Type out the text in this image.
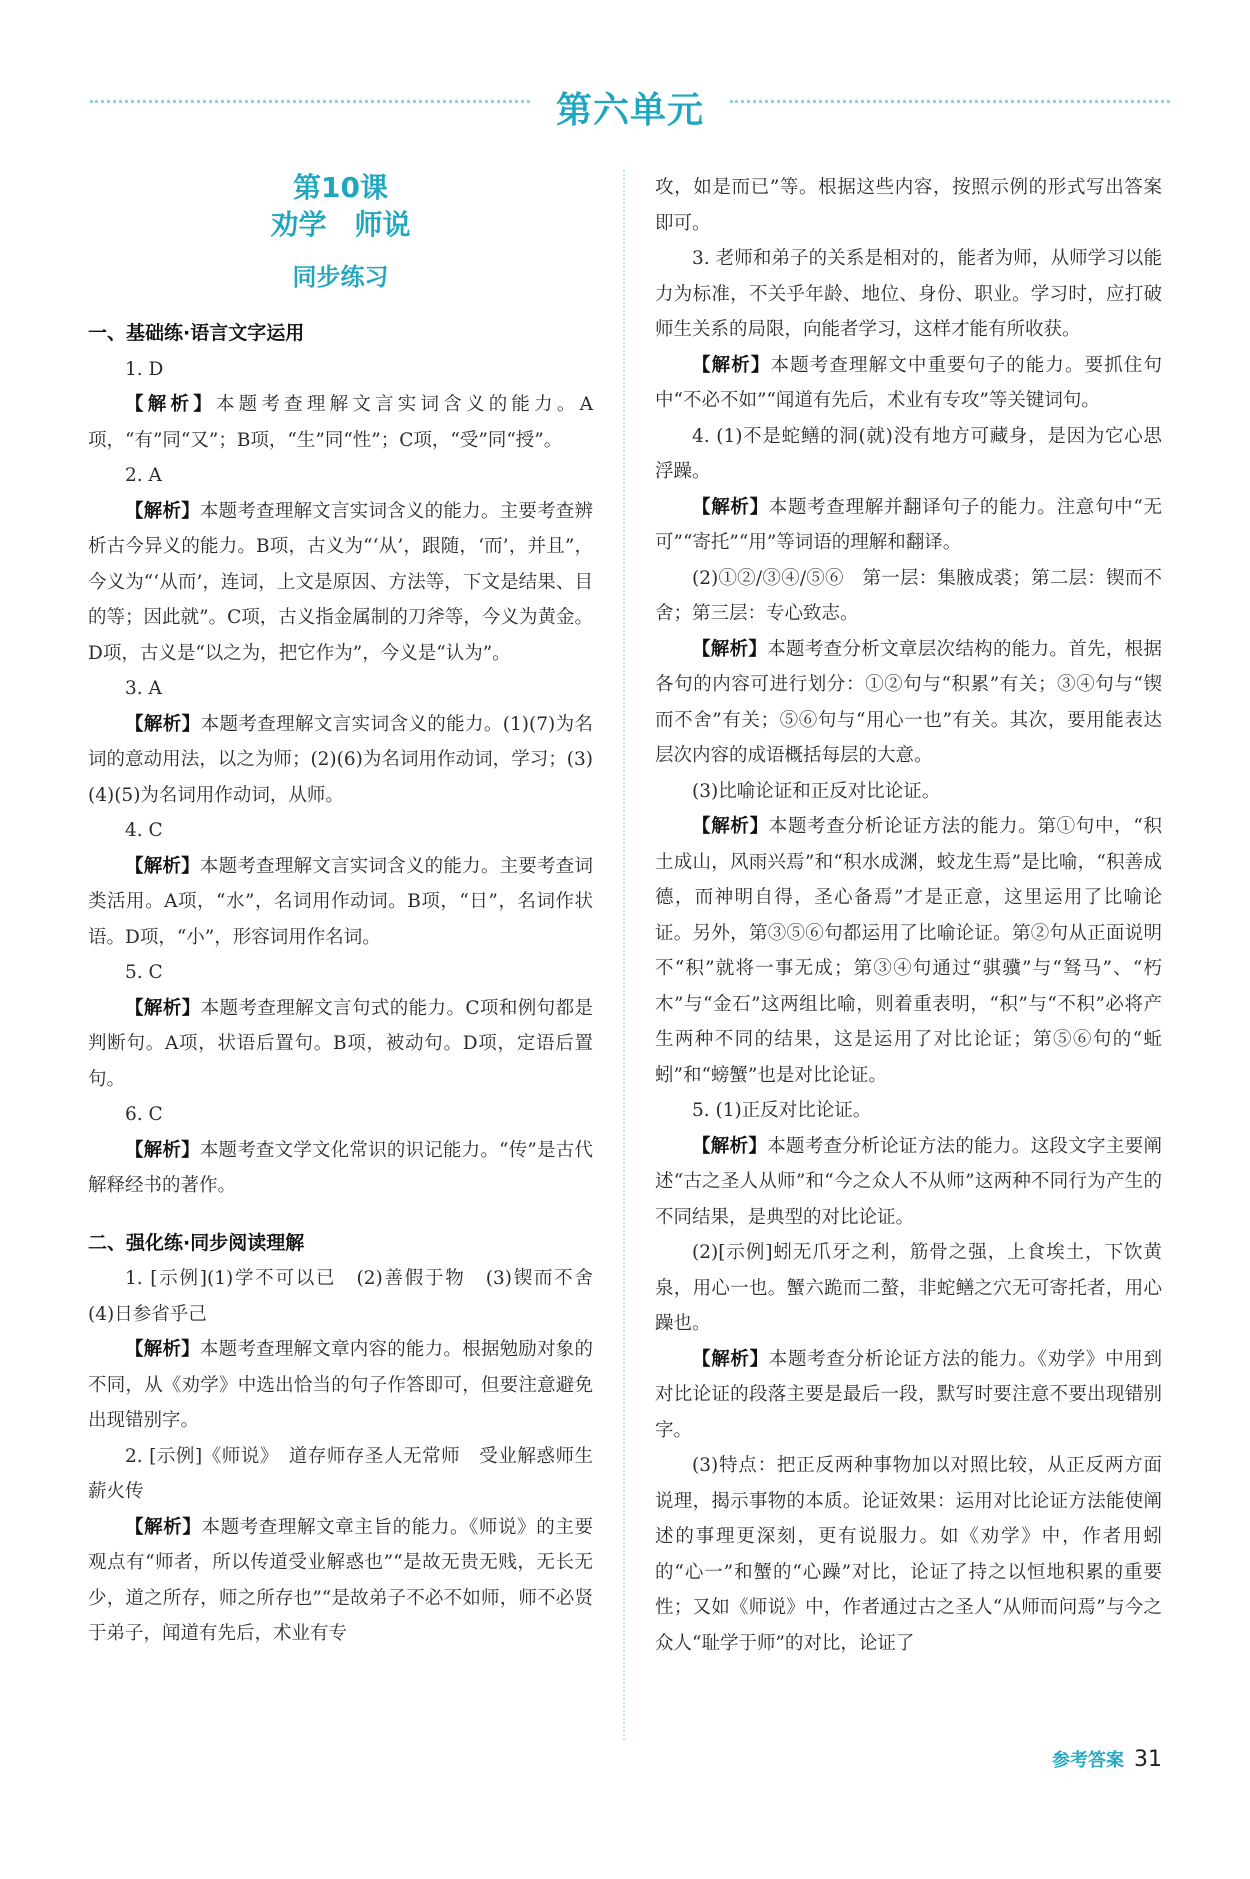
第六单元
第10课
劝学　师说
同步练习
一、基础练·语言文字运用
1. D
【解析】本题考查理解文言实词含义的能力。A项，“有”同“又”；B项，“生”同“性”；C项，“受”同“授”。
2. A
【解析】本题考查理解文言实词含义的能力。主要考查辨析古今异义的能力。B项，古义为“‘从’，跟随，‘而’，并且”，今义为“‘从而’，连词，上文是原因、方法等，下文是结果、目的等；因此就”。C项，古义指金属制的刀斧等，今义为黄金。D项，古义是“以之为，把它作为”，今义是“认为”。
3. A
【解析】本题考查理解文言实词含义的能力。(1)(7)为名词的意动用法，以之为师；(2)(6)为名词用作动词，学习；(3)(4)(5)为名词用作动词，从师。
4. C
【解析】本题考查理解文言实词含义的能力。主要考查词类活用。A项，“水”，名词用作动词。B项，“日”，名词作状语。D项，“小”，形容词用作名词。
5. C
【解析】本题考查理解文言句式的能力。C项和例句都是判断句。A项，状语后置句。B项，被动句。D项，定语后置句。
6. C
【解析】本题考查文学文化常识的识记能力。“传”是古代解释经书的著作。
二、强化练·同步阅读理解
1. [示例](1)学不可以已　(2)善假于物　(3)锲而不舍　(4)日参省乎己
【解析】本题考查理解文章内容的能力。根据勉励对象的不同，从《劝学》中选出恰当的句子作答即可，但要注意避免出现错别字。
2. [示例]《师说》　道存师存圣人无常师　受业解惑师生薪火传
【解析】本题考查理解文章主旨的能力。《师说》的主要观点有“师者，所以传道受业解惑也”“是故无贵无贱，无长无少，道之所存，师之所存也”“是故弟子不必不如师，师不必贤于弟子，闻道有先后，术业有专
攻，如是而已”等。根据这些内容，按照示例的形式写出答案即可。
3. 老师和弟子的关系是相对的，能者为师，从师学习以能力为标准，不关乎年龄、地位、身份、职业。学习时，应打破师生关系的局限，向能者学习，这样才能有所收获。
【解析】本题考查理解文中重要句子的能力。要抓住句中“不必不如”“闻道有先后，术业有专攻”等关键词句。
4. (1)不是蛇鳝的洞(就)没有地方可藏身，是因为它心思浮躁。
【解析】本题考查理解并翻译句子的能力。注意句中“无可”“寄托”“用”等词语的理解和翻译。
(2)①②/③④/⑤⑥　第一层：集腋成裘；第二层：锲而不舍；第三层：专心致志。
【解析】本题考查分析文章层次结构的能力。首先，根据各句的内容可进行划分：①②句与“积累”有关；③④句与“锲而不舍”有关；⑤⑥句与“用心一也”有关。其次，要用能表达层次内容的成语概括每层的大意。
(3)比喻论证和正反对比论证。
【解析】本题考查分析论证方法的能力。第①句中，“积土成山，风雨兴焉”和“积水成渊，蛟龙生焉”是比喻，“积善成德，而神明自得，圣心备焉”才是正意，这里运用了比喻论证。另外，第③⑤⑥句都运用了比喻论证。第②句从正面说明不“积”就将一事无成；第③④句通过“骐骥”与“驽马”、“朽木”与“金石”这两组比喻，则着重表明，“积”与“不积”必将产生两种不同的结果，这是运用了对比论证；第⑤⑥句的“蚯蚓”和“螃蟹”也是对比论证。
5. (1)正反对比论证。
【解析】本题考查分析论证方法的能力。这段文字主要阐述“古之圣人从师”和“今之众人不从师”这两种不同行为产生的不同结果，是典型的对比论证。
(2)[示例]蚓无爪牙之利，筋骨之强，上食埃土，下饮黄泉，用心一也。蟹六跪而二螯，非蛇鳝之穴无可寄托者，用心躁也。
【解析】本题考查分析论证方法的能力。《劝学》中用到对比论证的段落主要是最后一段，默写时要注意不要出现错别字。
(3)特点：把正反两种事物加以对照比较，从正反两方面说理，揭示事物的本质。论证效果：运用对比论证方法能使阐述的事理更深刻，更有说服力。如《劝学》中，作者用蚓的“心一”和蟹的“心躁”对比，论证了持之以恒地积累的重要性；又如《师说》中，作者通过古之圣人“从师而问焉”与今之众人“耻学于师”的对比，论证了
参考答案 31
